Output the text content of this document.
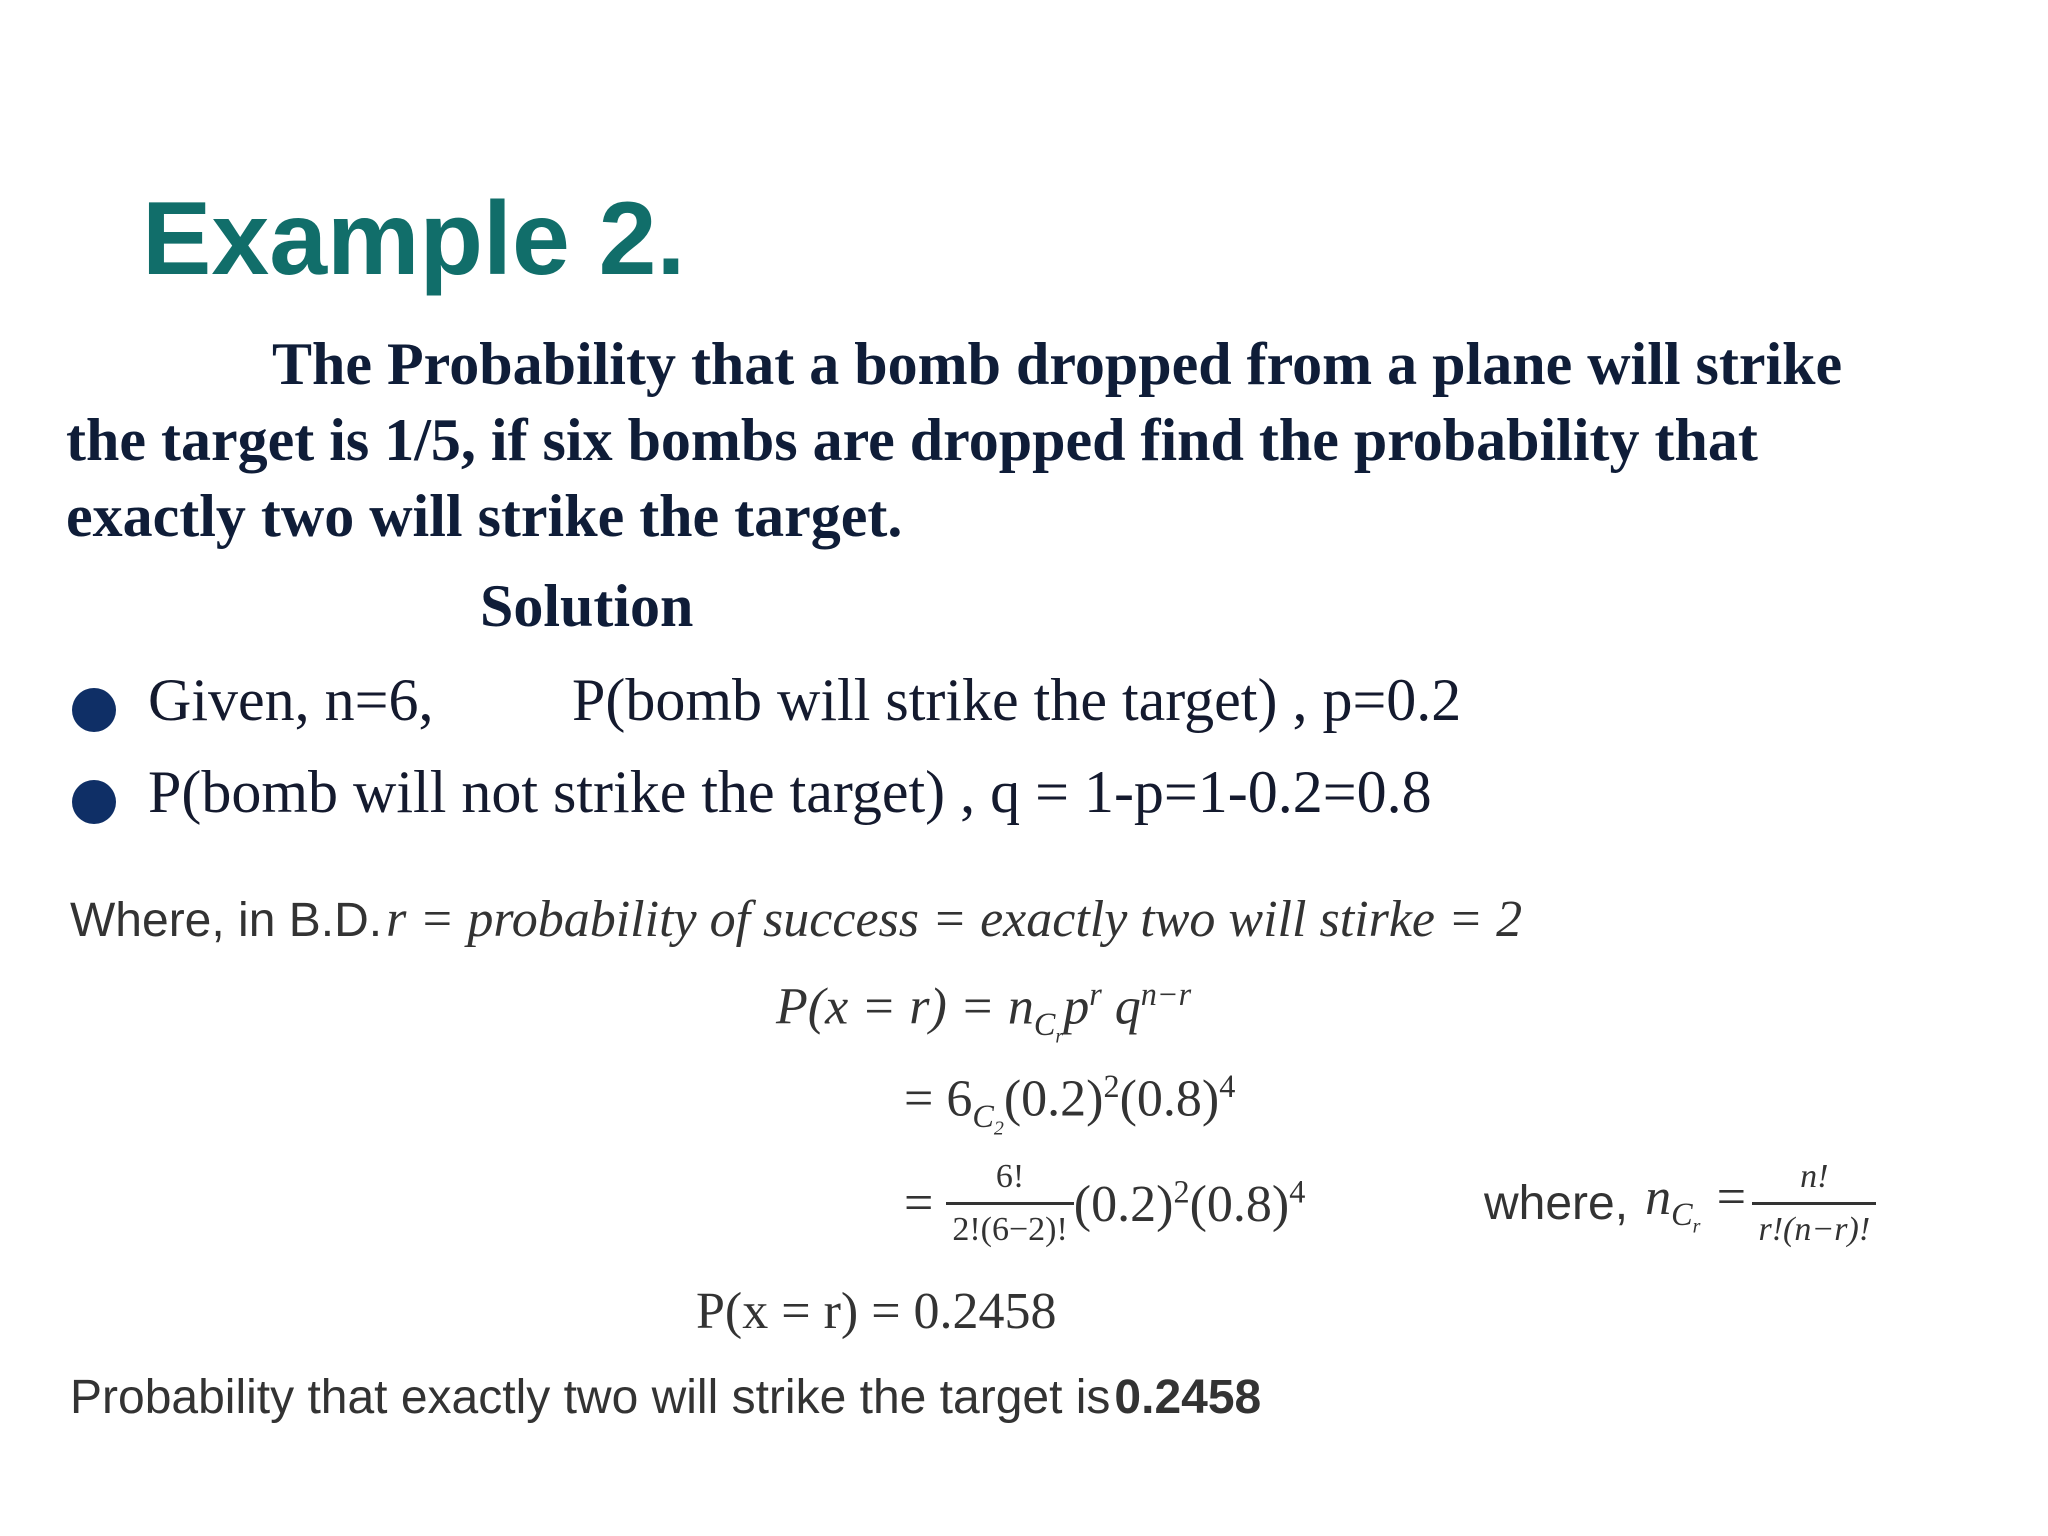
Example 2.
The Probability that a bomb dropped from a plane will strike
the target is 1/5, if six bombs are dropped find the probability that
exactly two will strike the target.
Solution
Given, n=6, P(bomb will strike the target) , p=0.2
P(bomb will not strike the target) , q = 1-p=1-0.2=0.8
Where, in B.D. r = probability of success = exactly two will stirke = 2
$P(x = r) = n_{C_r}p^r$ $q^{n-r}$
= $6_{C_2}(0.2)^2(0.8)^4$
= $\frac{6!}{2!(6-2)!} (0.2)^2(0.8)^4$	where,  $n_{C_r} = \frac{n!}{r!(n-r)!}$
P(x = r) = 0.2458
Probability that exactly two will strike the target is 0.2458
